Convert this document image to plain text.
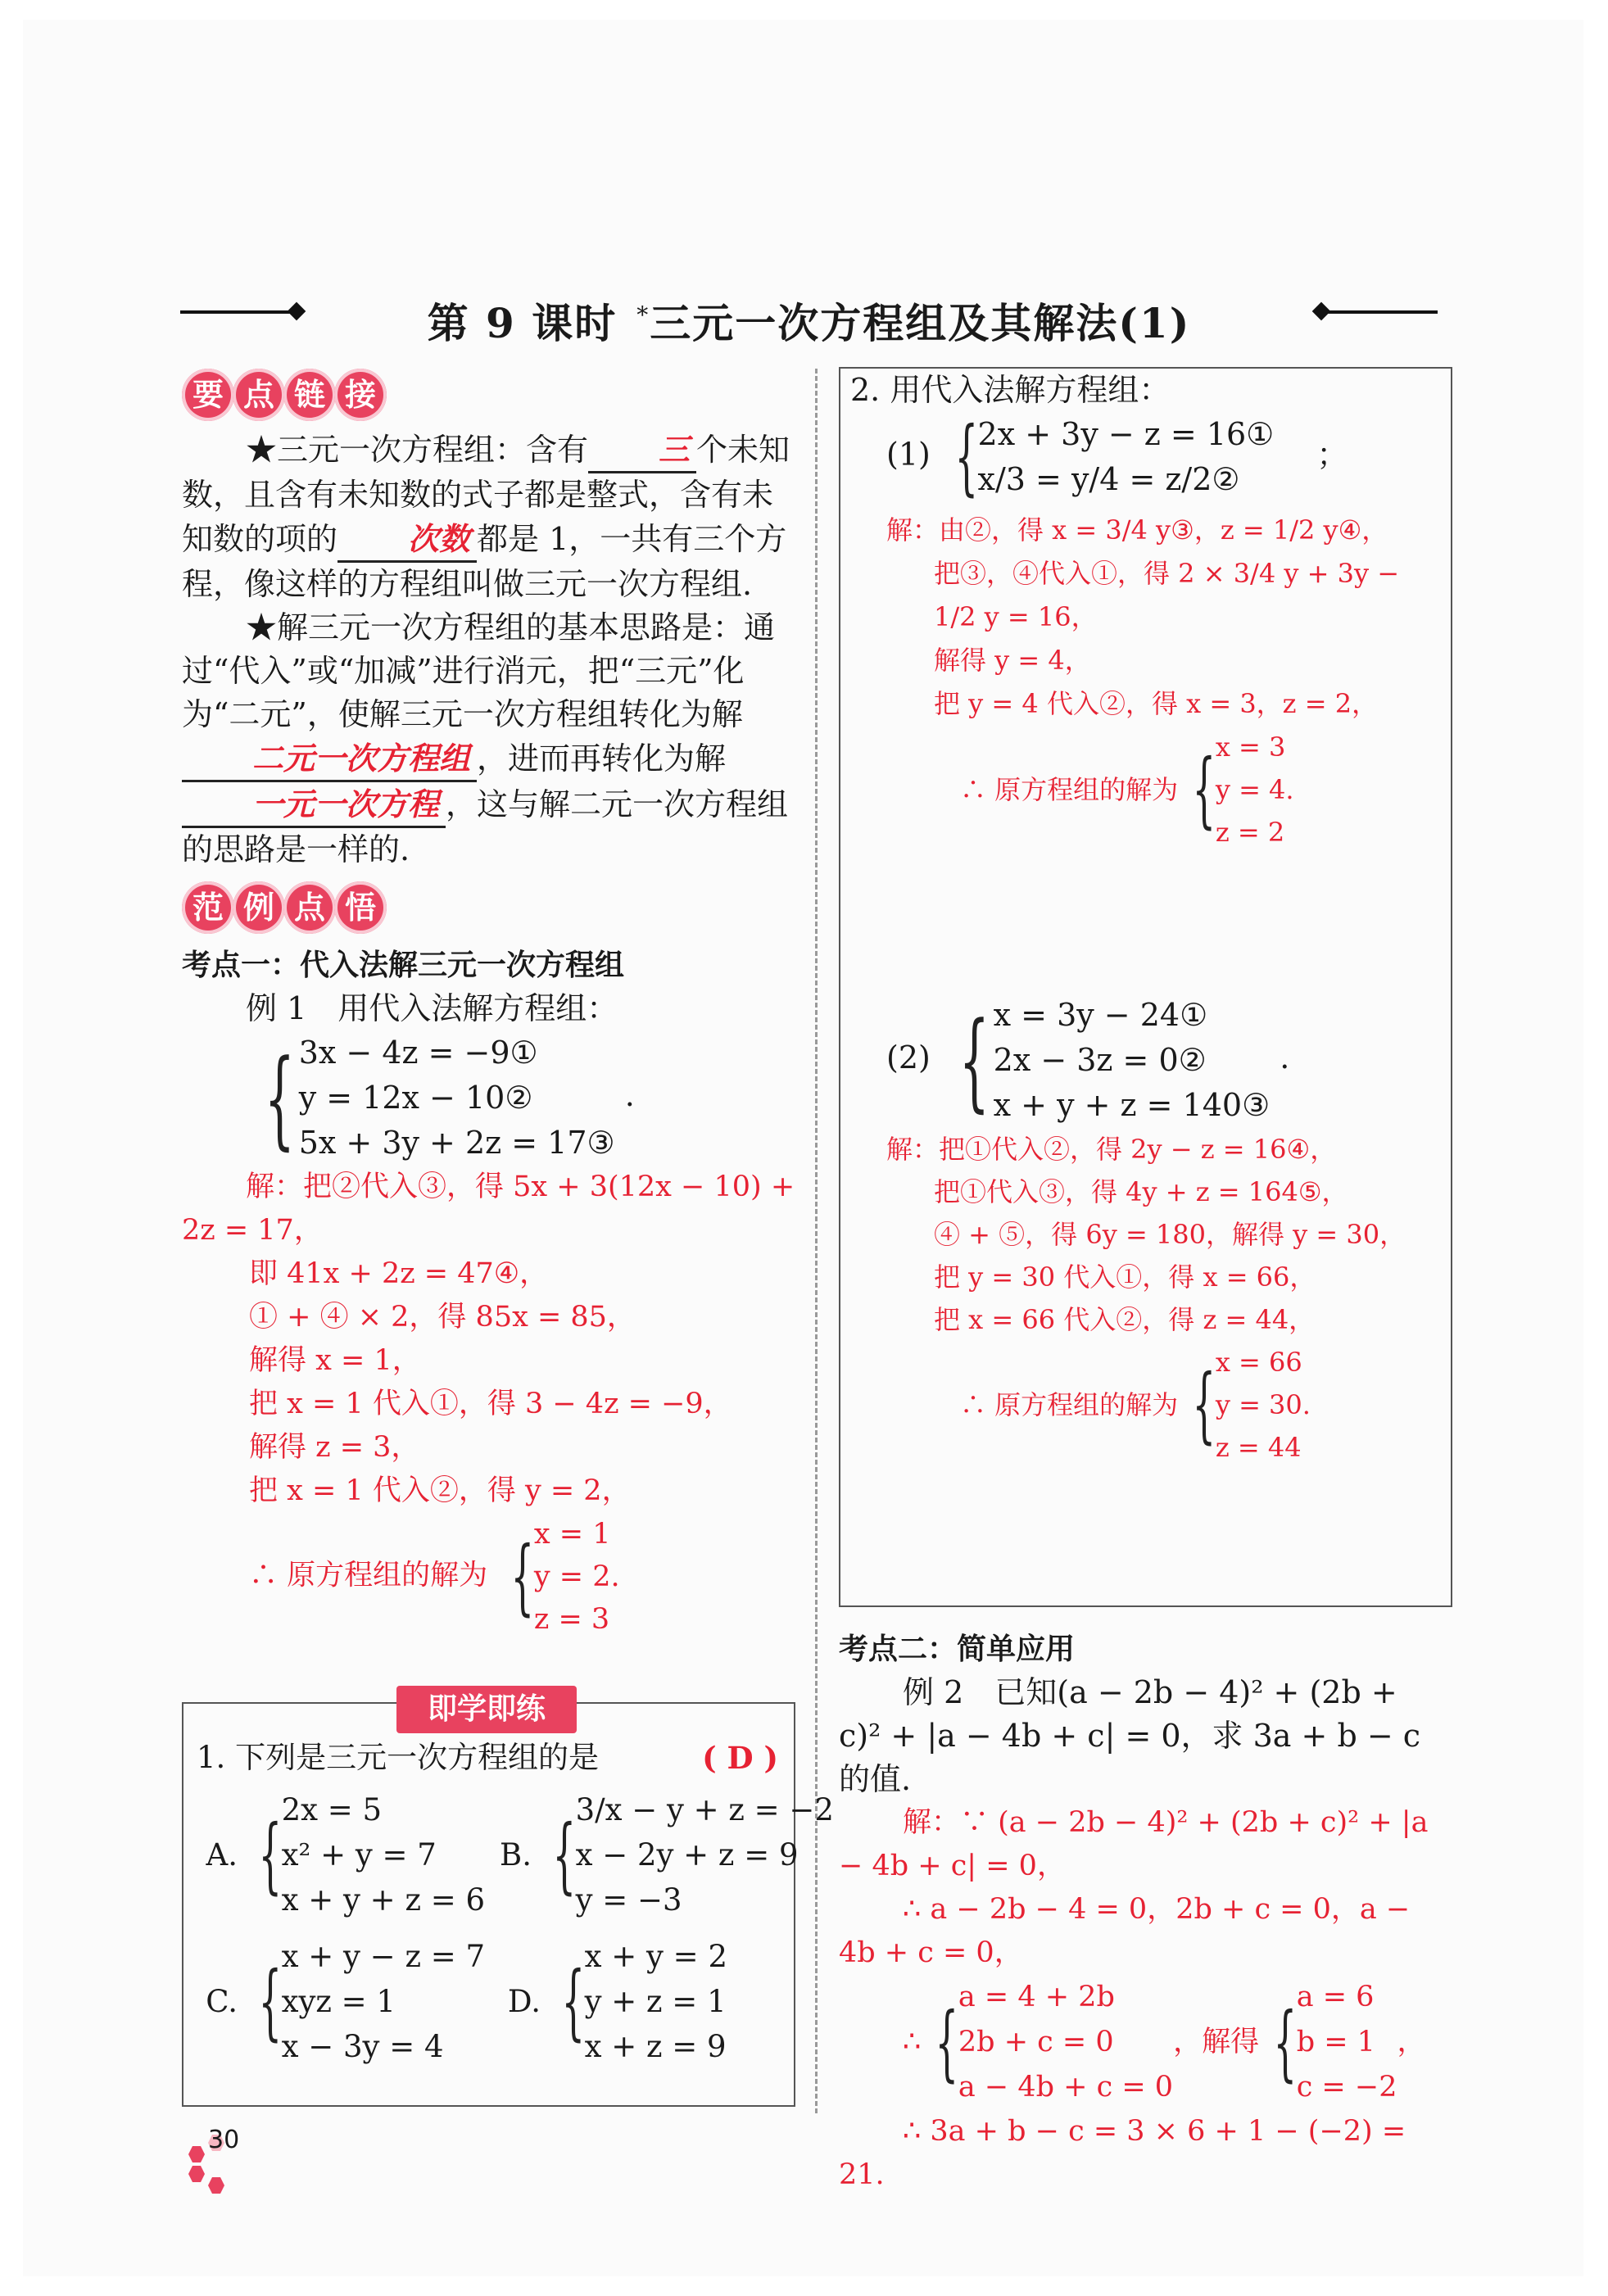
第 9 课时 *三元一次方程组及其解法(1)
要 点 链 接

★三元一次方程组：含有 三 个未知数，且含有未知数的式子都是整式，含有未知数的项的 次数 都是 1，一共有三个方程，像这样的方程组叫做三元一次方程组.

★解三元一次方程组的基本思路是：通过“代入”或“加减”进行消元，把“三元”化为“二元”，使解三元一次方程组转化为解二元一次方程组 ，进而再转化为解一元一次方程 ，这与解二元一次方程组的思路是一样的.

范 例 点 悟

考点一：代入法解三元一次方程组

例 1　用代入法解方程组：

{ 3x − 4z = −9①
y = 12x − 10②
5x + 3y + 2z = 17③
.

解：把②代入③，得 5x + 3(12x − 10) + 2z = 17，

即 41x + 2z = 47④，

① + ④ × 2，得 85x = 85，

解得 x = 1，

把 x = 1 代入①，得 3 − 4z = −9，

解得 z = 3，

把 x = 1 代入②，得 y = 2，

∴ 原方程组的解为 { x = 1
y = 2.
z = 3
即学即练
1. 下列是三元一次方程组的是	( D )
A. { 2x = 5
x² + y = 7
x + y + z = 6
B. { 3/x − y + z = −2
x − 2y + z = 9
y = −3
C. { x + y − z = 7
xyz = 1
x − 3y = 4
D. { x + y = 2
y + z = 1
x + z = 9

2. 用代入法解方程组：

(1) { 2x + 3y − z = 16①
x/3 = y/4 = z/2②
；

解：由②，得 x = 3/4 y③，z = 1/2 y④，

把③，④代入①，得 2 × 3/4 y + 3y − 1/2 y = 16，

解得 y = 4，

把 y = 4 代入②，得 x = 3，z = 2，

∴ 原方程组的解为 { x = 3
y = 4.
z = 2
(2) { x = 3y − 24①
2x − 3z = 0②
x + y + z = 140③
.

解：把①代入②，得 2y − z = 16④，

把①代入③，得 4y + z = 164⑤，

④ + ⑤，得 6y = 180，解得 y = 30，

把 y = 30 代入①，得 x = 66，

把 x = 66 代入②，得 z = 44，

∴ 原方程组的解为 { x = 66
y = 30.
z = 44

考点二：简单应用

例 2　已知(a − 2b − 4)² + (2b + c)² + |a − 4b + c| = 0，求 3a + b − c 的值.

解：∵ (a − 2b − 4)² + (2b + c)² + |a − 4b + c| = 0，

∴ a − 2b − 4 = 0，2b + c = 0，a − 4b + c = 0，

∴ { a = 4 + 2b
2b + c = 0
a − 4b + c = 0
，解得 { a = 6
b = 1
c = −2
，

∴ 3a + b − c = 3 × 6 + 1 − (−2) = 21.

30
